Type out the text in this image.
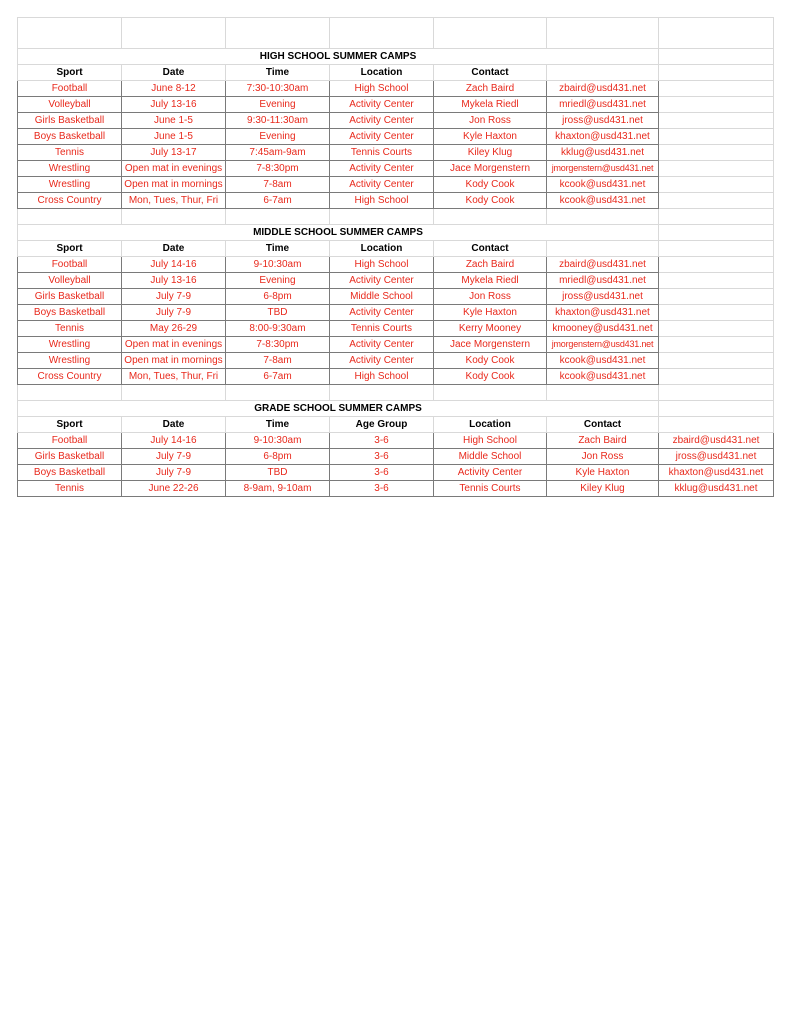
HIGH SCHOOL SUMMER CAMPS						
Sport	Date	Time	Location	Contact		
Football	June 8-12	7:30-10:30am	High School	Zach Baird	zbaird@usd431.net	
Volleyball	July 13-16	Evening	Activity Center	Mykela Riedl	mriedl@usd431.net	
Girls Basketball	June 1-5	9:30-11:30am	Activity Center	Jon Ross	jross@usd431.net	
Boys Basketball	June 1-5	Evening	Activity Center	Kyle Haxton	khaxton@usd431.net	
Tennis	July 13-17	7:45am-9am	Tennis Courts	Kiley Klug	kklug@usd431.net	
Wrestling	Open mat in evenings	7-8:30pm	Activity Center	Jace Morgenstern	jmorgenstern@usd431.net	
Wrestling	Open mat in mornings	7-8am	Activity Center	Kody Cook	kcook@usd431.net	
Cross Country	Mon, Tues, Thur, Fri	6-7am	High School	Kody Cook	kcook@usd431.net	

MIDDLE SCHOOL SUMMER CAMPS						
Sport	Date	Time	Location	Contact		
Football	July 14-16	9-10:30am	High School	Zach Baird	zbaird@usd431.net	
Volleyball	July 13-16	Evening	Activity Center	Mykela Riedl	mriedl@usd431.net	
Girls Basketball	July 7-9	6-8pm	Middle School	Jon Ross	jross@usd431.net	
Boys Basketball	July 7-9	TBD	Activity Center	Kyle Haxton	khaxton@usd431.net	
Tennis	May 26-29	8:00-9:30am	Tennis Courts	Kerry Mooney	kmooney@usd431.net	
Wrestling	Open mat in evenings	7-8:30pm	Activity Center	Jace Morgenstern	jmorgenstern@usd431.net	
Wrestling	Open mat in mornings	7-8am	Activity Center	Kody Cook	kcook@usd431.net	
Cross Country	Mon, Tues, Thur, Fri	6-7am	High School	Kody Cook	kcook@usd431.net	

GRADE SCHOOL SUMMER CAMPS						
Sport	Date	Time	Age Group	Location	Contact	
Football	July 14-16	9-10:30am	3-6	High School	Zach Baird	zbaird@usd431.net
Girls Basketball	July 7-9	6-8pm	3-6	Middle School	Jon Ross	jross@usd431.net
Boys Basketball	July 7-9	TBD	3-6	Activity Center	Kyle Haxton	khaxton@usd431.net
Tennis	June 22-26	8-9am, 9-10am	3-6	Tennis Courts	Kiley Klug	kklug@usd431.net
